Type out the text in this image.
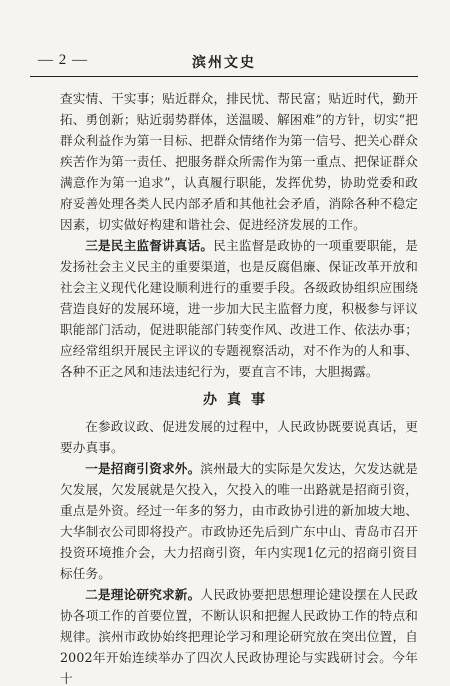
— 2 —	滨州文史

查实情、干实事；贴近群众，排民忧、帮民富；贴近时代，勤开拓、勇创新；贴近弱势群体，送温暖、解困难”的方针，切实“把群众利益作为第一目标、把群众情绪作为第一信号、把关心群众疾苦作为第一责任、把服务群众所需作为第一重点、把保证群众满意作为第一追求”，认真履行职能，发挥优势，协助党委和政府妥善处理各类人民内部矛盾和其他社会矛盾，消除各种不稳定因素，切实做好构建和谐社会、促进经济发展的工作。

三是民主监督讲真话。民主监督是政协的一项重要职能，是发扬社会主义民主的重要渠道，也是反腐倡廉、保证改革开放和社会主义现代化建设顺利进行的重要手段。各级政协组织应围绕营造良好的发展环境，进一步加大民主监督力度，积极参与评议职能部门活动，促进职能部门转变作风、改进工作、依法办事；应经常组织开展民主评议的专题视察活动，对不作为的人和事、各种不正之风和违法违纪行为，要直言不讳，大胆揭露。

办真事

在参政议政、促进发展的过程中，人民政协既要说真话，更要办真事。

一是招商引资求外。滨州最大的实际是欠发达，欠发达就是欠发展，欠发展就是欠投入，欠投入的唯一出路就是招商引资，重点是外资。经过一年多的努力，由市政协引进的新加坡大地、大华制衣公司即将投产。市政协还先后到广东中山、青岛市召开投资环境推介会，大力招商引资，年内实现1亿元的招商引资目标任务。

二是理论研究求新。人民政协要把思想理论建设摆在人民政协各项工作的首要位置，不断认识和把握人民政协工作的特点和规律。滨州市政协始终把理论学习和理论研究放在突出位置，自2002年开始连续举办了四次人民政协理论与实践研讨会。今年十
